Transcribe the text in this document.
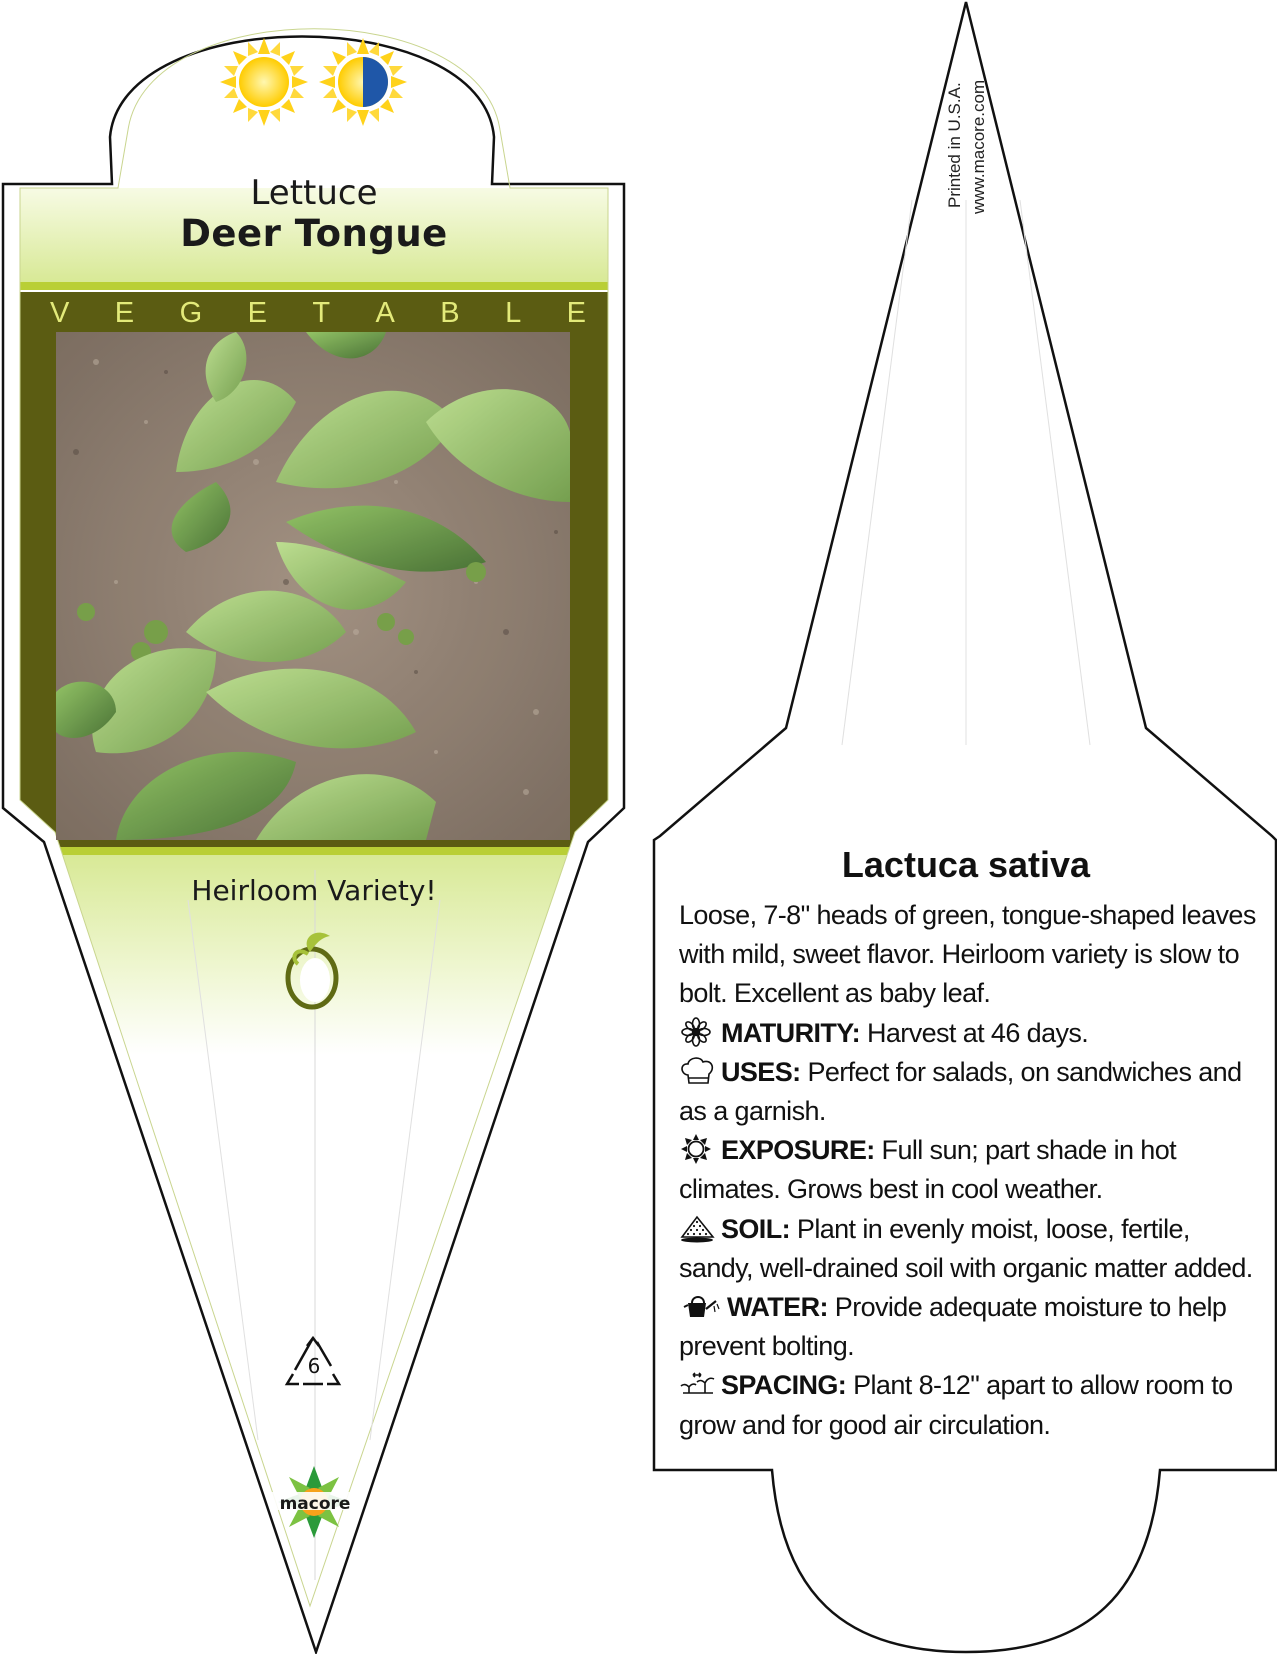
Lettuce
Deer Tongue
V E G E T A B L E
Heirloom Variety!
6
macore
Printed in U.S.A. www.macore.com
Lactuca sativa

Loose, 7-8" heads of green, tongue-shaped leaves with mild, sweet flavor. Heirloom variety is slow to bolt. Excellent as baby leaf.

MATURITY: Harvest at 46 days.

USES: Perfect for salads, on sandwiches and as a garnish.

EXPOSURE: Full sun; part shade in hot climates. Grows best in cool weather.

SOIL: Plant in evenly moist, loose, fertile, sandy, well-drained soil with organic matter added.

WATER: Provide adequate moisture to help prevent bolting.

SPACING: Plant 8-12" apart to allow room to grow and for good air circulation.
